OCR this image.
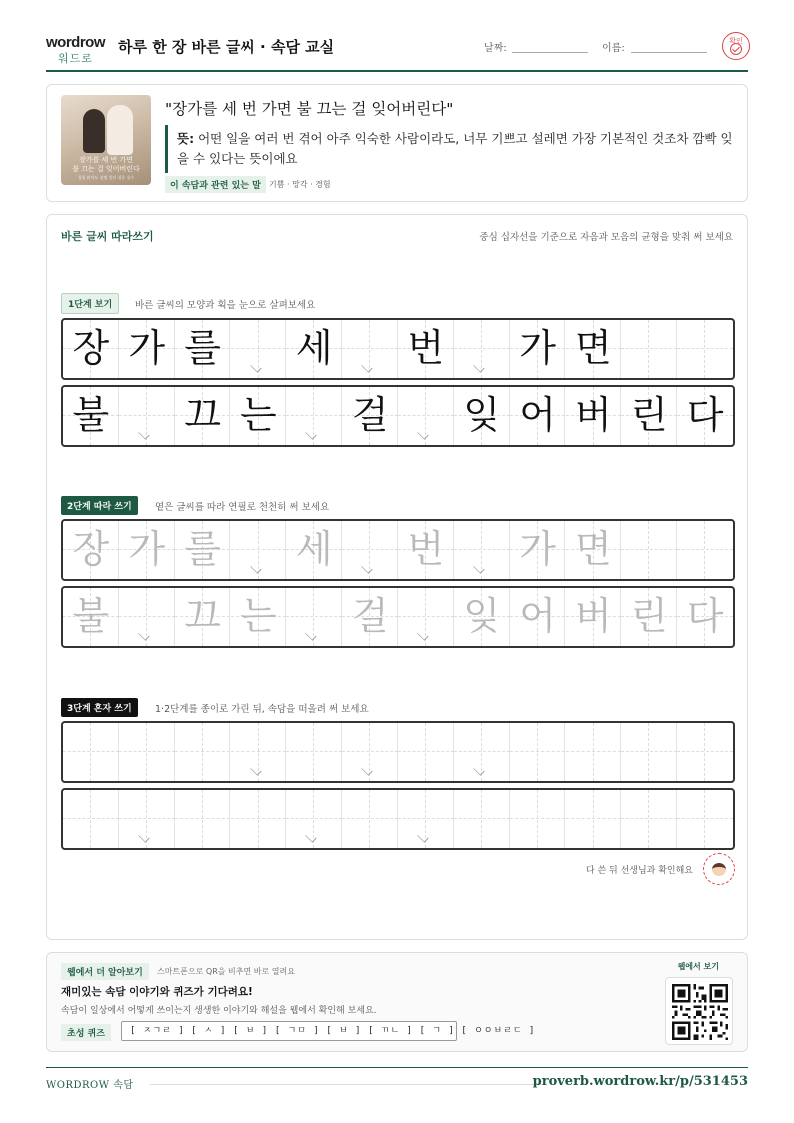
wordrow
워드로
하루 한 장 바른 글씨 · 속담 교실	날짜:	이름:
확인
장가를 세 번 가면
불 끄는 걸 잊어버린다
경험 많아도 설렘 앞선 쉬운 실수
"장가를 세 번 가면 불 끄는 걸 잊어버린다"
뜻: 어떤 일을 여러 번 겪어 아주 익숙한 사람이라도, 너무 기쁘고 설레면 가장 기본적인 것조차 깜빡 잊을 수 있다는 뜻이에요
이 속담과 관련 있는 말	기쁨 · 망각 · 경험
바른 글씨 따라쓰기	중심 십자선을 기준으로 자음과 모음의 균형을 맞춰 써 보세요
1단계 보기	바른 글씨의 모양과 획을 눈으로 살펴보세요
장 가 를 세 번 가 면
불 끄 는 걸 잊 어 버 린 다
2단계 따라 쓰기	옅은 글씨를 따라 연필로 천천히 써 보세요
장 가 를 세 번 가 면
불 끄 는 걸 잊 어 버 린 다
3단계 혼자 쓰기	1·2단계를 종이로 가린 뒤, 속담을 떠올려 써 보세요
다 쓴 뒤 선생님과 확인해요
웹에서 더 알아보기	스마트폰으로 QR을 비추면 바로 열려요
재미있는 속담 이야기와 퀴즈가 기다려요!
속담이 일상에서 어떻게 쓰이는지 생생한 이야기와 해설을 웹에서 확인해 보세요.
초성 퀴즈	[ ㅈㄱㄹ ] [ ㅅ ] [ ㅂ ] [ ㄱㅁ ] [ ㅂ ] [ ㄲㄴ ] [ ㄱ ] [ ㅇㅇㅂㄹㄷ ]
웹에서 보기
WORDROW 속담	proverb.wordrow.kr/p/531453
